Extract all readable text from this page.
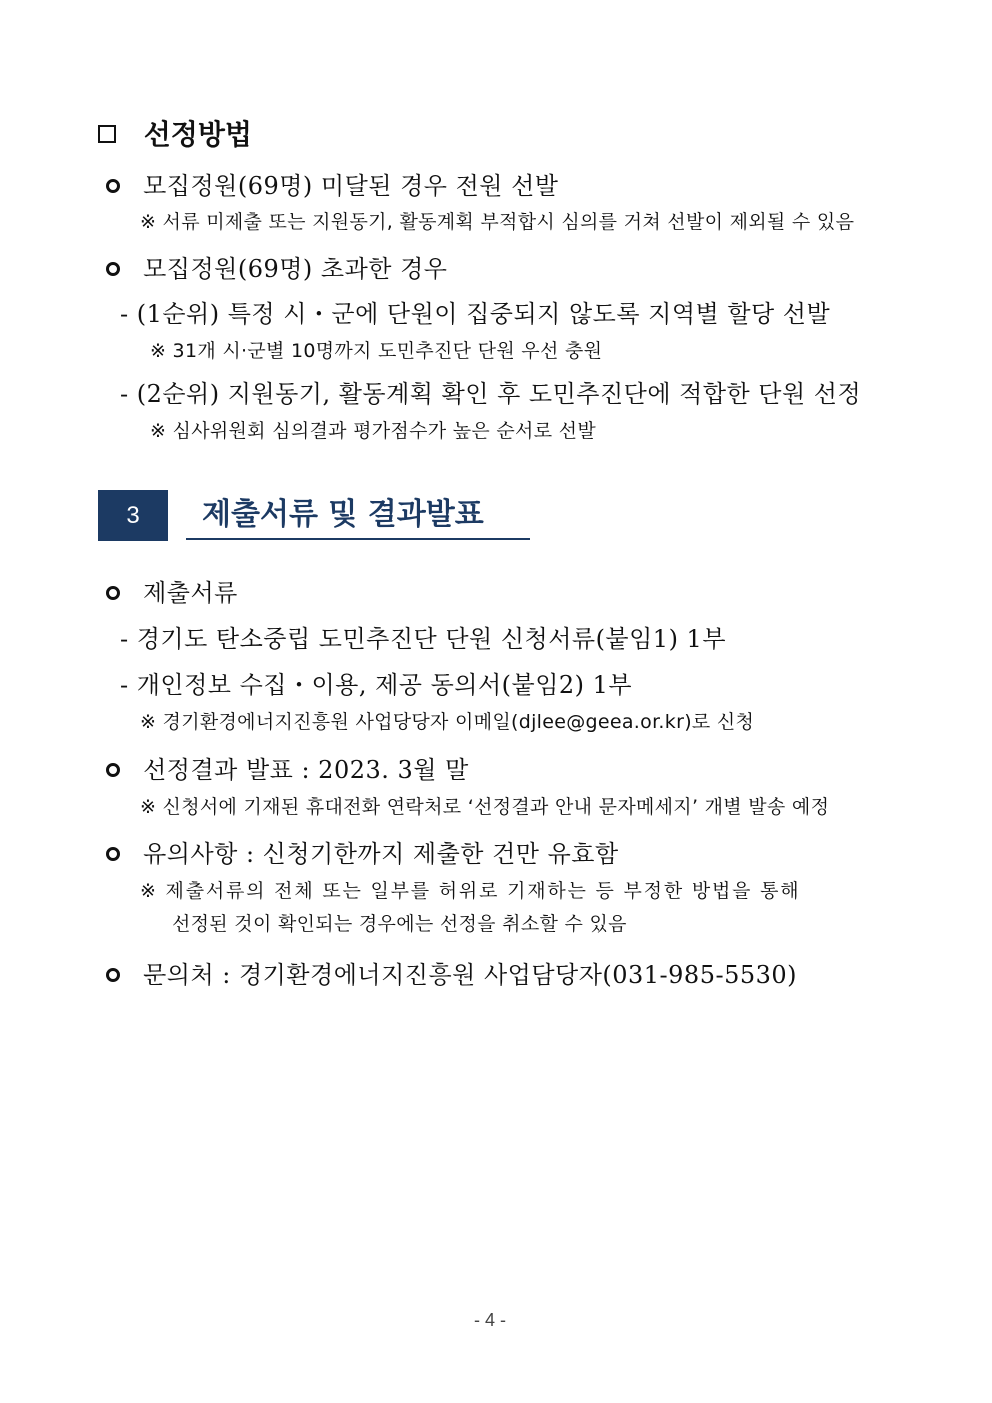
선정방법
모집정원(69명) 미달된 경우 전원 선발
※ 서류 미제출 또는 지원동기, 활동계획 부적합시 심의를 거쳐 선발이 제외될 수 있음
모집정원(69명) 초과한 경우
- (1순위) 특정 시・군에 단원이 집중되지 않도록 지역별 할당 선발
※ 31개 시·군별 10명까지 도민추진단 단원 우선 충원
- (2순위) 지원동기, 활동계획 확인 후 도민추진단에 적합한 단원 선정
※ 심사위원회 심의결과 평가점수가 높은 순서로 선발
3	제출서류 및 결과발표
제출서류
- 경기도 탄소중립 도민추진단 단원 신청서류(붙임1) 1부
- 개인정보 수집・이용, 제공 동의서(붙임2) 1부
※ 경기환경에너지진흥원 사업당당자 이메일(djlee@geea.or.kr)로 신청
선정결과 발표 : 2023. 3월 말
※ 신청서에 기재된 휴대전화 연락처로 ‘선정결과 안내 문자메세지’ 개별 발송 예정
유의사항 : 신청기한까지 제출한 건만 유효함
※ 제출서류의 전체 또는 일부를 허위로 기재하는 등 부정한 방법을 통해
선정된 것이 확인되는 경우에는 선정을 취소할 수 있음
문의처 : 경기환경에너지진흥원 사업담당자(031-985-5530)
- 4 -
